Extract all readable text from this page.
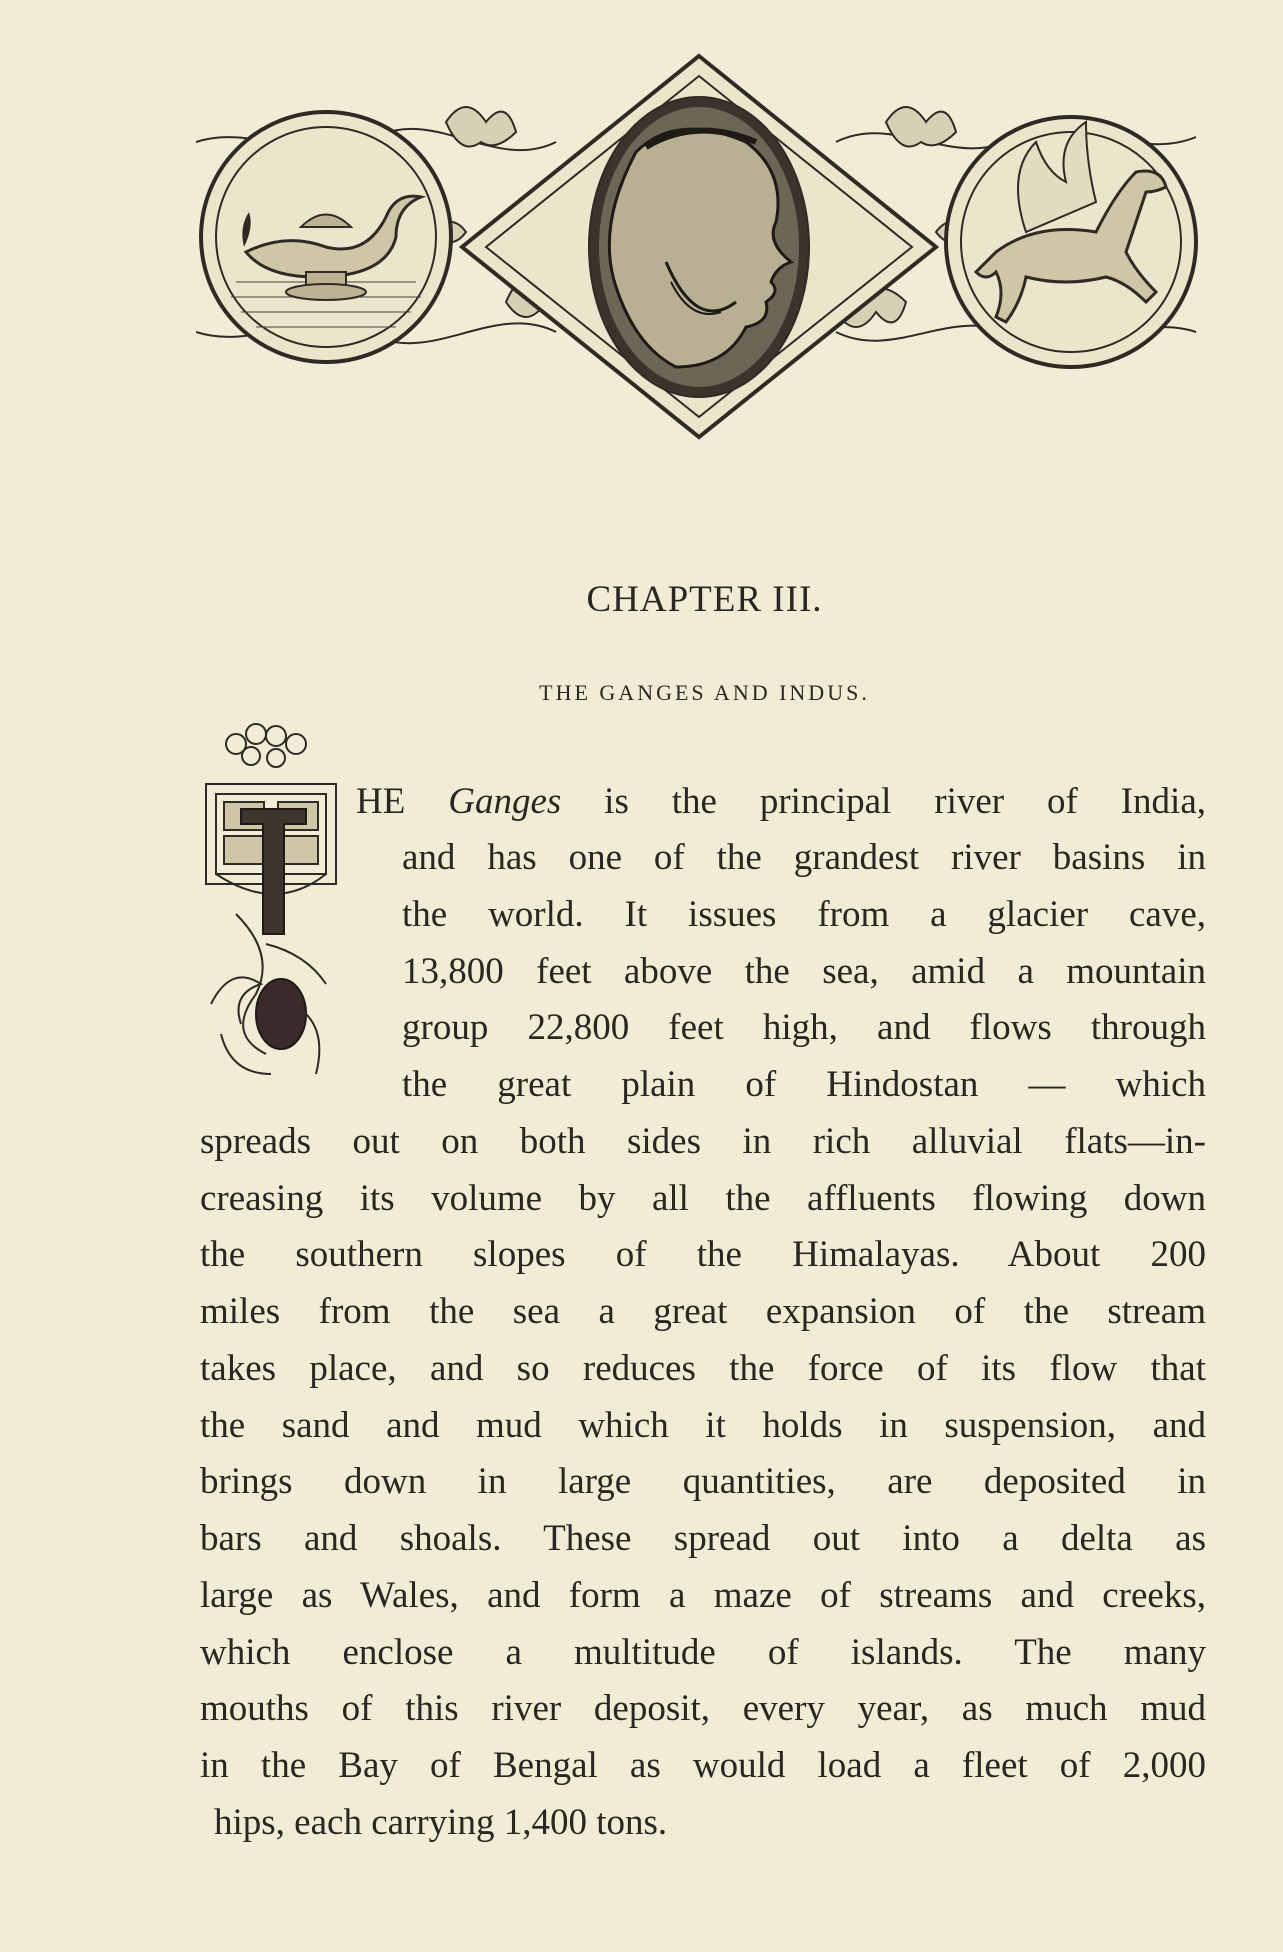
CHAPTER III.
THE GANGES AND INDUS.
T
HE Ganges is the principal river of India,
and has one of the grandest river basins in
the world. It issues from a glacier cave,
13,800 feet above the sea, amid a mountain
group 22,800 feet high, and flows through
the great plain of Hindostan — which
spreads out on both sides in rich alluvial flats—in-
creasing its volume by all the affluents flowing down
the southern slopes of the Himalayas. About 200
miles from the sea a great expansion of the stream
takes place, and so reduces the force of its flow that
the sand and mud which it holds in suspension, and
brings down in large quantities, are deposited in
bars and shoals. These spread out into a delta as
large as Wales, and form a maze of streams and creeks,
which enclose a multitude of islands. The many
mouths of this river deposit, every year, as much mud
in the Bay of Bengal as would load a fleet of 2,000
hips, each carrying 1,400 tons.
